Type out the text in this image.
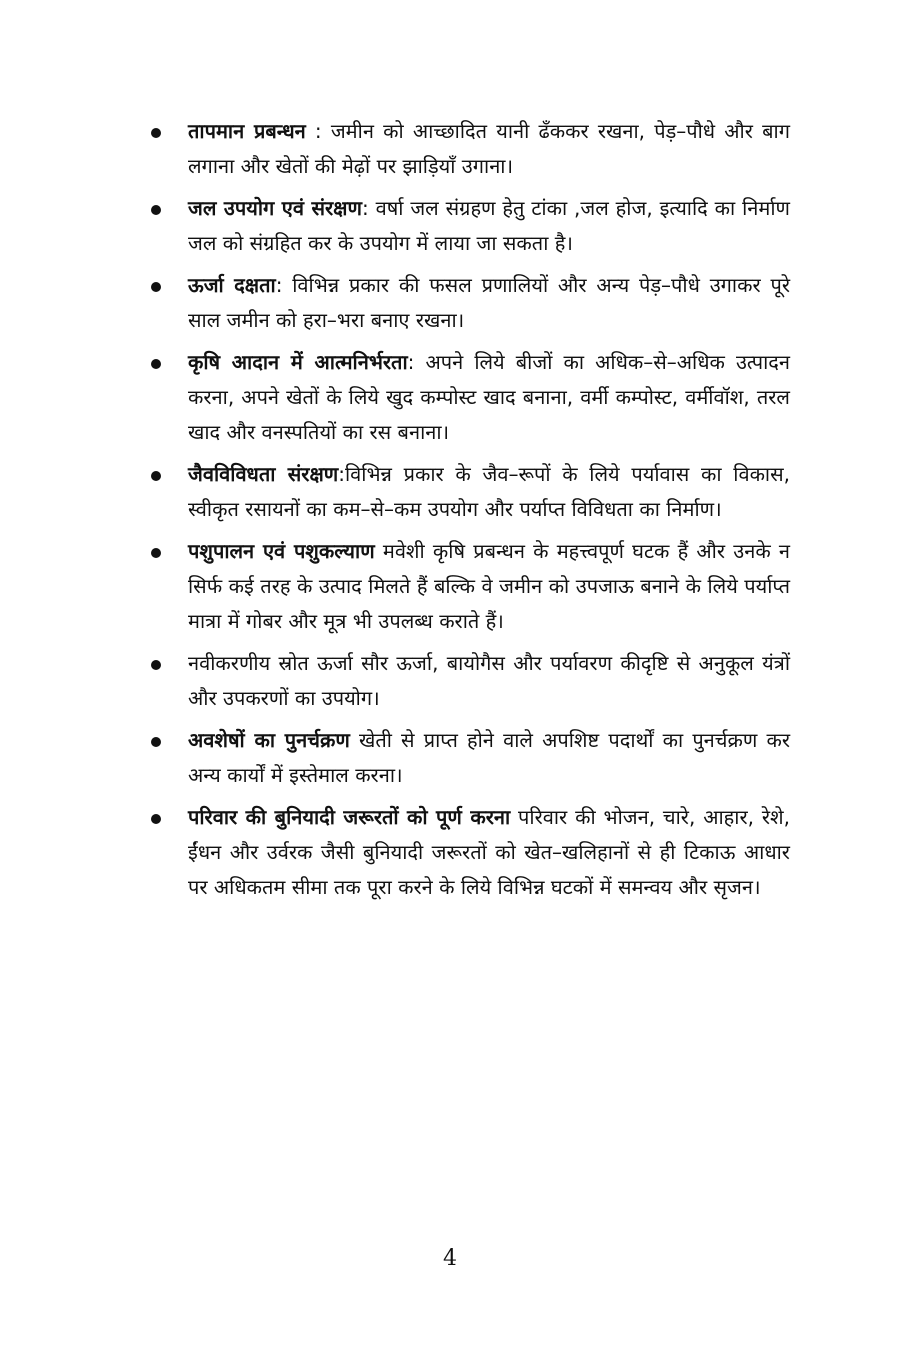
तापमान प्रबन्धन : जमीन को आच्छादित यानी ढँककर रखना, पेड़–पौधे और बाग लगाना और खेतों की मेढ़ों पर झाड़ियाँ उगाना।
जल उपयोग एवं संरक्षण: वर्षा जल संग्रहण हेतु टांका ,जल होज, इत्यादि का निर्माण जल को संग्रहित कर के उपयोग में लाया जा सकता है।
ऊर्जा दक्षता: विभिन्न प्रकार की फसल प्रणालियों और अन्य पेड़–पौधे उगाकर पूरे साल जमीन को हरा–भरा बनाए रखना।
कृषि आदान में आत्मनिर्भरता: अपने लिये बीजों का अधिक–से–अधिक उत्पादन करना, अपने खेतों के लिये खुद कम्पोस्ट खाद बनाना, वर्मी कम्पोस्ट, वर्मीवॉश, तरल खाद और वनस्पतियों का रस बनाना।
जैवविविधता संरक्षण:विभिन्न प्रकार के जैव–रूपों के लिये पर्यावास का विकास, स्वीकृत रसायनों का कम–से–कम उपयोग और पर्याप्त विविधता का निर्माण।
पशुपालन एवं पशुकल्याण मवेशी कृषि प्रबन्धन के महत्त्वपूर्ण घटक हैं और उनके न सिर्फ कई तरह के उत्पाद मिलते हैं बल्कि वे जमीन को उपजाऊ बनाने के लिये पर्याप्त मात्रा में गोबर और मूत्र भी उपलब्ध कराते हैं।
नवीकरणीय स्रोत ऊर्जा सौर ऊर्जा, बायोगैस और पर्यावरण कीदृष्टि से अनुकूल यंत्रों और उपकरणों का उपयोग।
अवशेषों का पुनर्चक्रण खेती से प्राप्त होने वाले अपशिष्ट पदार्थों का पुनर्चक्रण कर अन्य कार्यों में इस्तेमाल करना।
परिवार की बुनियादी जरूरतों को पूर्ण करना परिवार की भोजन, चारे, आहार, रेशे, ईंधन और उर्वरक जैसी बुनियादी जरूरतों को खेत–खलिहानों से ही टिकाऊ आधार पर अधिकतम सीमा तक पूरा करने के लिये विभिन्न घटकों में समन्वय और सृजन।
4
